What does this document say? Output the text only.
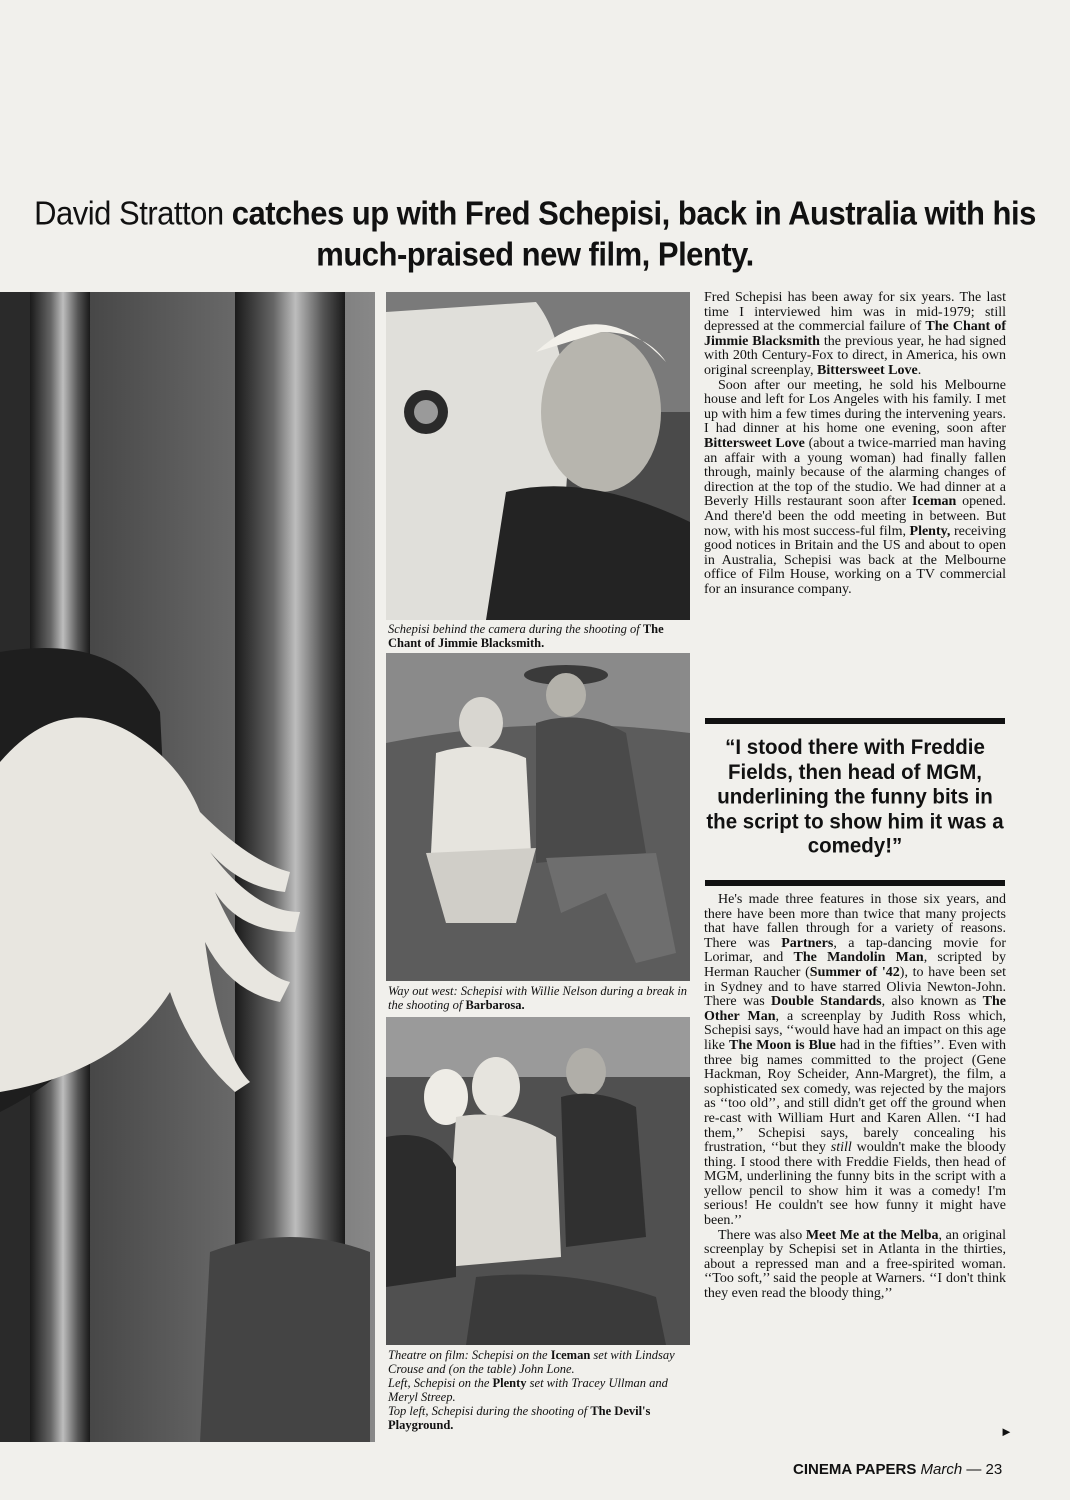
David Stratton catches up with Fred Schepisi, back in Australia with his much-praised new film, Plenty.
Schepisi behind the camera during the shooting of The Chant of Jimmie Blacksmith.
Way out west: Schepisi with Willie Nelson during a break in the shooting of Barbarosa.

Theatre on film: Schepisi on the Iceman set with Lindsay Crouse and (on the table) John Lone.

Left, Schepisi on the Plenty set with Tracey Ullman and Meryl Streep.

Top left, Schepisi during the shooting of The Devil's Playground.

Fred Schepisi has been away for six years. The last time I interviewed him was in mid-1979; still depressed at the commercial failure of The Chant of Jimmie Blacksmith the previous year, he had signed with 20th Century-Fox to direct, in America, his own original screenplay, Bittersweet Love.

Soon after our meeting, he sold his Melbourne house and left for Los Angeles with his family. I met up with him a few times during the intervening years. I had dinner at his home one evening, soon after Bittersweet Love (about a twice-married man having an affair with a young woman) had finally fallen through, mainly because of the alarming changes of direction at the top of the studio. We had dinner at a Beverly Hills restaurant soon after Iceman opened. And there'd been the odd meeting in between. But now, with his most success-ful film, Plenty, receiving good notices in Britain and the US and about to open in Australia, Schepisi was back at the Melbourne office of Film House, working on a TV commercial for an insurance company.

“I stood there with Freddie Fields, then head of MGM, underlining the funny bits in the script to show him it was a comedy!”

He's made three features in those six years, and there have been more than twice that many projects that have fallen through for a variety of reasons. There was Partners, a tap-dancing movie for Lorimar, and The Mandolin Man, scripted by Herman Raucher (Summer of '42), to have been set in Sydney and to have starred Olivia Newton-John. There was Double Standards, also known as The Other Man, a screenplay by Judith Ross which, Schepisi says, ‘‘would have had an impact on this age like The Moon is Blue had in the fifties’’. Even with three big names committed to the project (Gene Hackman, Roy Scheider, Ann-Margret), the film, a sophisticated sex comedy, was rejected by the majors as ‘‘too old’’, and still didn't get off the ground when re-cast with William Hurt and Karen Allen. ‘‘I had them,’’ Schepisi says, barely concealing his frustration, ‘‘but they still wouldn't make the bloody thing. I stood there with Freddie Fields, then head of MGM, underlining the funny bits in the script with a yellow pencil to show him it was a comedy! I'm serious! He couldn't see how funny it might have been.’’

There was also Meet Me at the Melba, an original screenplay by Schepisi set in Atlanta in the thirties, about a repressed man and a free-spirited woman. ‘‘Too soft,’’ said the people at Warners. ‘‘I don't think they even read the bloody thing,’’

►
CINEMA PAPERS March — 23
